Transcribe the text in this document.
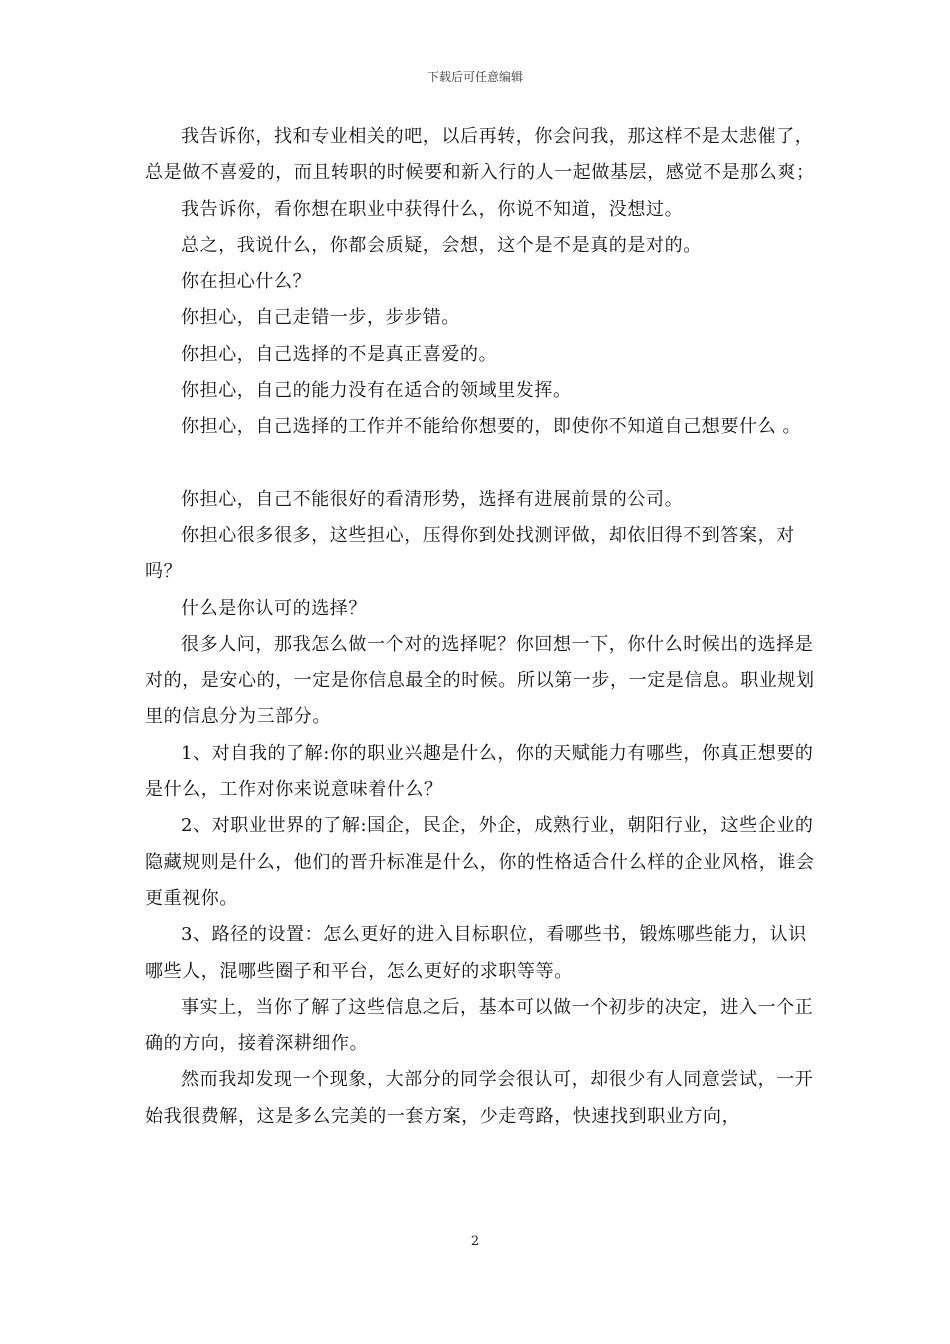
下载后可任意编辑

我告诉你，找和专业相关的吧，以后再转，你会问我，那这样不是太悲催了，总是做不喜爱的，而且转职的时候要和新入行的人一起做基层，感觉不是那么爽；

我告诉你，看你想在职业中获得什么，你说不知道，没想过。

总之，我说什么，你都会质疑，会想，这个是不是真的是对的。

你在担心什么？

你担心，自己走错一步，步步错。

你担心，自己选择的不是真正喜爱的。

你担心，自己的能力没有在适合的领域里发挥。

你担心，自己选择的工作并不能给你想要的，即使你不知道自己想要什么 。

你担心，自己不能很好的看清形势，选择有进展前景的公司。

你担心很多很多，这些担心，压得你到处找测评做，却依旧得不到答案，对吗？

什么是你认可的选择？

很多人问，那我怎么做一个对的选择呢？你回想一下，你什么时候出的选择是对的，是安心的，一定是你信息最全的时候。所以第一步，一定是信息。职业规划里的信息分为三部分。

1、对自我的了解:你的职业兴趣是什么，你的天赋能力有哪些，你真正想要的是什么，工作对你来说意味着什么？

2、对职业世界的了解:国企，民企，外企，成熟行业，朝阳行业，这些企业的隐藏规则是什么，他们的晋升标准是什么，你的性格适合什么样的企业风格，谁会更重视你。

3、路径的设置：怎么更好的进入目标职位，看哪些书，锻炼哪些能力，认识哪些人，混哪些圈子和平台，怎么更好的求职等等。

事实上，当你了解了这些信息之后，基本可以做一个初步的决定，进入一个正确的方向，接着深耕细作。

然而我却发现一个现象，大部分的同学会很认可，却很少有人同意尝试，一开始我很费解，这是多么完美的一套方案，少走弯路，快速找到职业方向，

2
